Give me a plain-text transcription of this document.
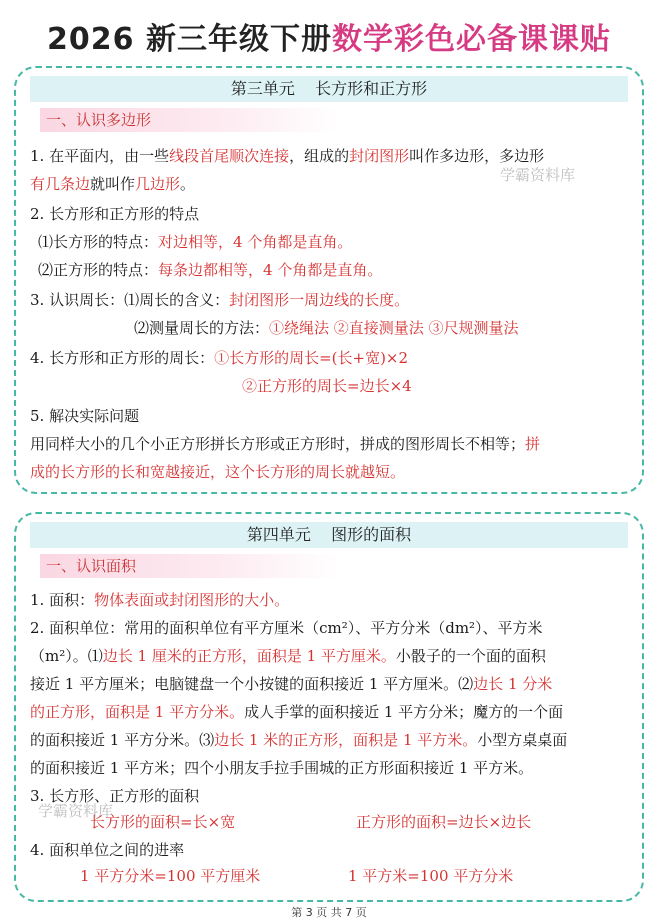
2026 新三年级下册数学彩色必备课课贴
第三单元    长方形和正方形
一、认识多边形
1. 在平面内，由一些线段首尾顺次连接，组成的封闭图形叫作多边形，多边形
有几条边就叫作几边形。
2. 长方形和正方形的特点
⑴长方形的特点：对边相等，4 个角都是直角。
⑵正方形的特点：每条边都相等，4 个角都是直角。
3. 认识周长：⑴周长的含义：封闭图形一周边线的长度。
⑵测量周长的方法：①绕绳法 ②直接测量法 ③尺规测量法
4. 长方形和正方形的周长：①长方形的周长=(长+宽)×2
②正方形的周长=边长×4
5. 解决实际问题
用同样大小的几个小正方形拼长方形或正方形时，拼成的图形周长不相等；拼
成的长方形的长和宽越接近，这个长方形的周长就越短。
第四单元    图形的面积
一、认识面积
1. 面积：物体表面或封闭图形的大小。
2. 面积单位：常用的面积单位有平方厘米（cm²）、平方分米（dm²）、平方米
（m²）。⑴边长 1 厘米的正方形，面积是 1 平方厘米。小骰子的一个面的面积
接近 1 平方厘米；电脑键盘一个小按键的面积接近 1 平方厘米。⑵边长 1 分米
的正方形，面积是 1 平方分米。成人手掌的面积接近 1 平方分米；魔方的一个面
的面积接近 1 平方分米。⑶边长 1 米的正方形，面积是 1 平方米。小型方桌桌面
的面积接近 1 平方米；四个小朋友手拉手围城的正方形面积接近 1 平方米。
3. 长方形、正方形的面积
长方形的面积=长×宽	正方形的面积=边长×边长
4. 面积单位之间的进率
1 平方分米=100 平方厘米	1 平方米=100 平方分米
学霸资料库
学霸资料库
第 3 页 共 7 页
